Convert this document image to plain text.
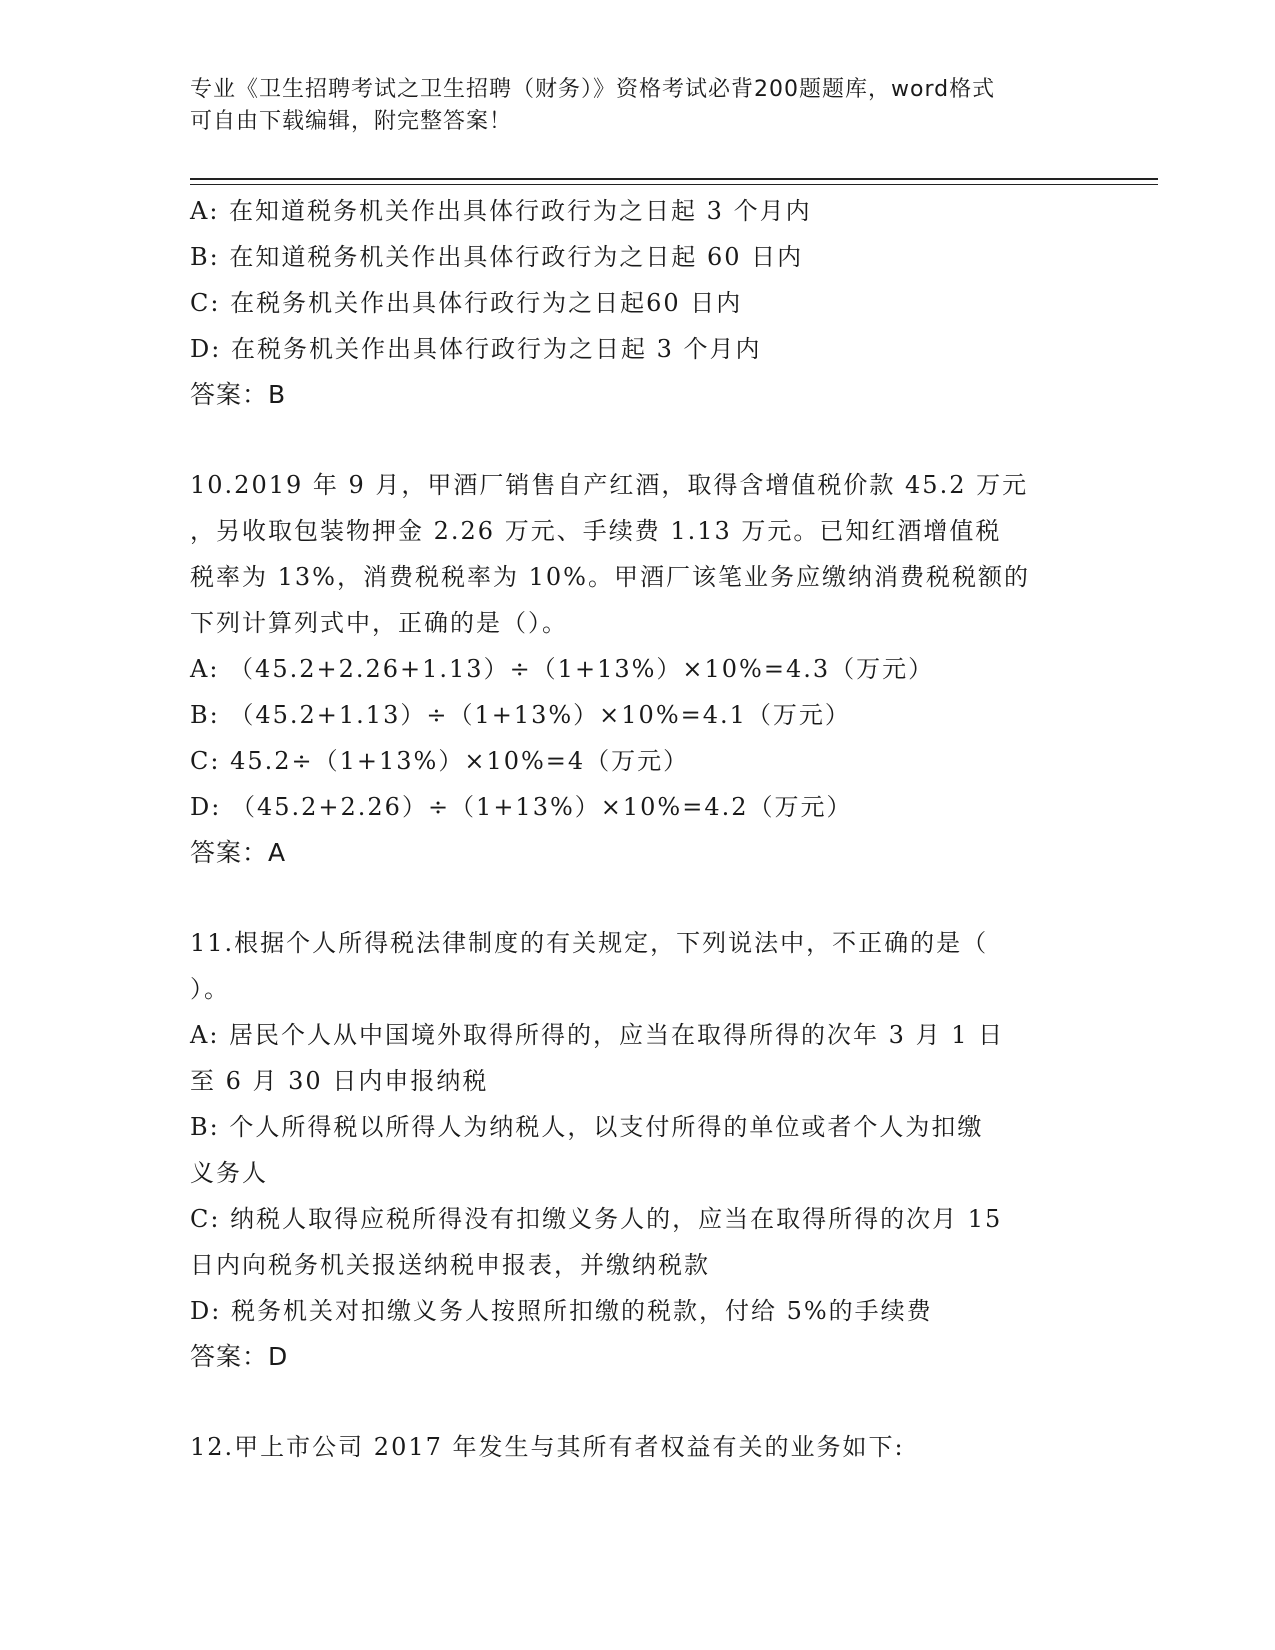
专业《卫生招聘考试之卫生招聘（财务）》资格考试必背200题题库，word格式
可自由下载编辑，附完整答案！
A: 在知道税务机关作出具体行政行为之日起 3 个月内
B: 在知道税务机关作出具体行政行为之日起 60 日内
C: 在税务机关作出具体行政行为之日起60 日内
D: 在税务机关作出具体行政行为之日起 3 个月内
答案：B
10.2019 年 9 月，甲酒厂销售自产红酒，取得含增值税价款 45.2 万元
，另收取包装物押金 2.26 万元、手续费 1.13 万元。已知红酒增值税
税率为 13%，消费税税率为 10%。甲酒厂该笔业务应缴纳消费税税额的
下列计算列式中，正确的是（）。
A: （45.2+2.26+1.13）÷（1+13%）×10%=4.3（万元）
B: （45.2+1.13）÷（1+13%）×10%=4.1（万元）
C: 45.2÷（1+13%）×10%=4（万元）
D: （45.2+2.26）÷（1+13%）×10%=4.2（万元）
答案：A
11.根据个人所得税法律制度的有关规定，下列说法中，不正确的是（
）。
A: 居民个人从中国境外取得所得的，应当在取得所得的次年 3 月 1 日
至 6 月 30 日内申报纳税
B: 个人所得税以所得人为纳税人，以支付所得的单位或者个人为扣缴
义务人
C: 纳税人取得应税所得没有扣缴义务人的，应当在取得所得的次月 15
日内向税务机关报送纳税申报表，并缴纳税款
D: 税务机关对扣缴义务人按照所扣缴的税款，付给 5%的手续费
答案：D
12.甲上市公司 2017 年发生与其所有者权益有关的业务如下:
